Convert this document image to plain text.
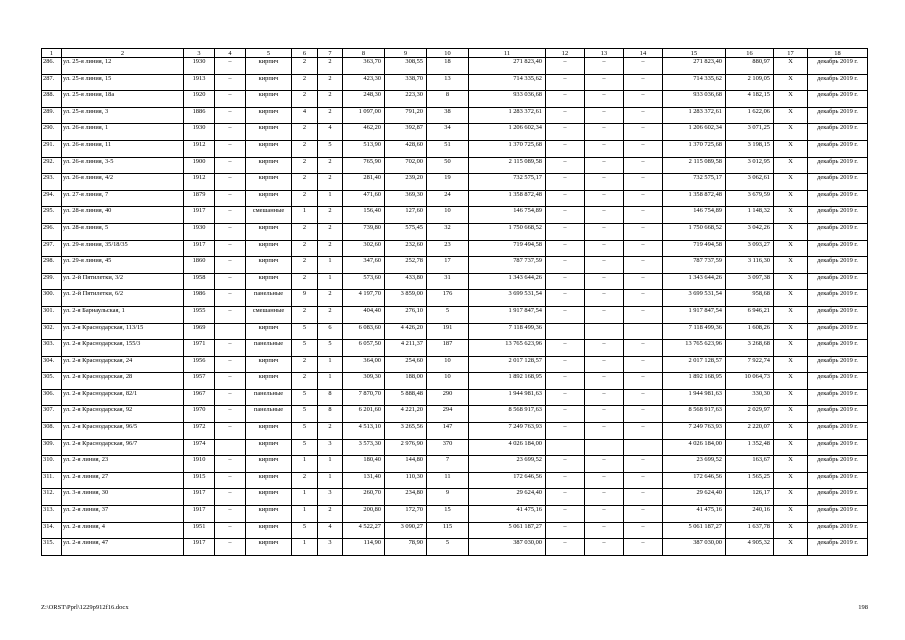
1	2	3	4	5	6	7	8	9	10	11	12	13	14	15	16	17	18
286.	ул. 25-я линия, 12	1930	–	кирпич	2	2	363,70	308,55	18	271 823,40	–	–	–	271 823,40	880,97	Х	декабрь 2019 г.
287.	ул. 25-я линия, 15	1913	–	кирпич	2	2	423,30	338,70	13	714 335,62	–	–	–	714 335,62	2 109,05	Х	декабрь 2019 г.
288.	ул. 25-я линия, 18а	1920	–	кирпич	2	2	248,30	223,30	8	933 036,68	–	–	–	933 036,68	4 182,15	Х	декабрь 2019 г.
289.	ул. 25-я линия, 3	1886	–	кирпич	4	2	1 097,00	791,20	38	1 283 372,61	–	–	–	1 283 372,61	1 622,06	Х	декабрь 2019 г.
290.	ул. 26-я линия, 1	1930	–	кирпич	2	4	462,20	392,87	34	1 206 602,34	–	–	–	1 206 602,34	3 071,25	Х	декабрь 2019 г.
291.	ул. 26-я линия, 11	1912	–	кирпич	2	5	513,90	428,60	51	1 370 725,68	–	–	–	1 370 725,68	3 198,15	Х	декабрь 2019 г.
292.	ул. 26-я линия, 3-5	1900	–	кирпич	2	2	765,90	702,00	50	2 115 089,58	–	–	–	2 115 089,58	3 012,95	Х	декабрь 2019 г.
293.	ул. 26-я линия, 4/2	1912	–	кирпич	2	2	281,40	239,20	19	732 575,17	–	–	–	732 575,17	3 062,61	Х	декабрь 2019 г.
294.	ул. 27-я линия, 7	1879	–	кирпич	2	1	471,60	369,30	24	1 358 872,48	–	–	–	1 358 872,48	3 679,59	Х	декабрь 2019 г.
295.	ул. 28-я линия, 40	1917	–	смешанные	1	2	156,40	127,60	10	146 754,89	–	–	–	146 754,89	1 148,32	Х	декабрь 2019 г.
296.	ул. 28-я линия, 5	1930	–	кирпич	2	2	739,80	575,45	32	1 750 668,52	–	–	–	1 750 668,52	3 042,26	Х	декабрь 2019 г.
297.	ул. 29-я линия, 35/18/35	1917	–	кирпич	2	2	302,60	232,60	23	719 494,58	–	–	–	719 494,58	3 093,27	Х	декабрь 2019 г.
298.	ул. 29-я линия, 45	1860	–	кирпич	2	1	347,60	252,78	17	787 737,59	–	–	–	787 737,59	3 116,30	Х	декабрь 2019 г.
299.	ул. 2-й Пятилетки, 3/2	1958	–	кирпич	2	1	573,60	433,80	31	1 343 644,26	–	–	–	1 343 644,26	3 097,38	Х	декабрь 2019 г.
300.	ул. 2-й Пятилетки, 6/2	1986	–	панельные	9	2	4 197,70	3 859,00	176	3 699 531,54	–	–	–	3 699 531,54	958,68	Х	декабрь 2019 г.
301.	ул. 2-я Барнаульская, 1	1955	–	смешанные	2	2	404,40	276,10	5	1 917 847,54	–	–	–	1 917 847,54	6 946,21	Х	декабрь 2019 г.
302.	ул. 2-я Краснодарская, 113/15	1969		кирпич	5	6	6 083,60	4 426,20	191	7 118 499,36				7 118 499,36	1 608,26	Х	декабрь 2019 г.
303.	ул. 2-я Краснодарская, 155/3	1971	–	панельные	5	5	6 057,50	4 211,37	187	13 765 623,96	–	–	–	13 765 623,96	3 268,68	Х	декабрь 2019 г.
304.	ул. 2-я Краснодарская, 24	1956	–	кирпич	2	1	364,00	254,60	10	2 017 128,57	–	–	–	2 017 128,57	7 922,74	Х	декабрь 2019 г.
305.	ул. 2-я Краснодарская, 28	1957	–	кирпич	2	1	309,30	188,00	10	1 892 168,95	–	–	–	1 892 168,95	10 064,73	Х	декабрь 2019 г.
306.	ул. 2-я Краснодарская, 82/1	1967	–	панельные	5	8	7 870,70	5 888,48	290	1 944 981,63	–	–	–	1 944 981,63	330,30	Х	декабрь 2019 г.
307.	ул. 2-я Краснодарская, 92	1970	–	панельные	5	8	6 201,60	4 221,20	294	8 568 917,63	–	–	–	8 568 917,63	2 029,97	Х	декабрь 2019 г.
308.	ул. 2-я Краснодарская, 96/5	1972	–	кирпич	5	2	4 513,10	3 265,56	147	7 249 763,93	–	–	–	7 249 763,93	2 220,07	Х	декабрь 2019 г.
309.	ул. 2-я Краснодарская, 96/7	1974		кирпич	5	3	3 573,30	2 976,90	370	4 026 184,00				4 026 184,00	1 352,48	Х	декабрь 2019 г.
310.	ул. 2-я линия, 23	1910	–	кирпич	1	1	180,40	144,80	7	23 699,52	–	–	–	23 699,52	163,67	Х	декабрь 2019 г.
311.	ул. 2-я линия, 27	1915	–	кирпич	2	1	131,40	110,30	11	172 646,56	–	–	–	172 646,56	1 565,25	Х	декабрь 2019 г.
312.	ул. 3-я линия, 30	1917	–	кирпич	1	3	260,70	234,80	9	29 624,40	–	–	–	29 624,40	126,17	Х	декабрь 2019 г.
313.	ул. 2-я линия, 37	1917	–	кирпич	1	2	200,80	172,70	15	41 475,16	–	–	–	41 475,16	240,16	Х	декабрь 2019 г.
314.	ул. 2-я линия, 4	1951	–	кирпич	5	4	4 522,27	3 090,27	115	5 061 187,27	–	–	–	5 061 187,27	1 637,78	Х	декабрь 2019 г.
315.	ул. 2-я линия, 47	1917	–	кирпич	1	3	114,90	78,90	5	387 030,00	–	–	–	387 030,00	4 905,32	Х	декабрь 2019 г.
Z:\ORST\Pprl\1229p912f16.docx	198
